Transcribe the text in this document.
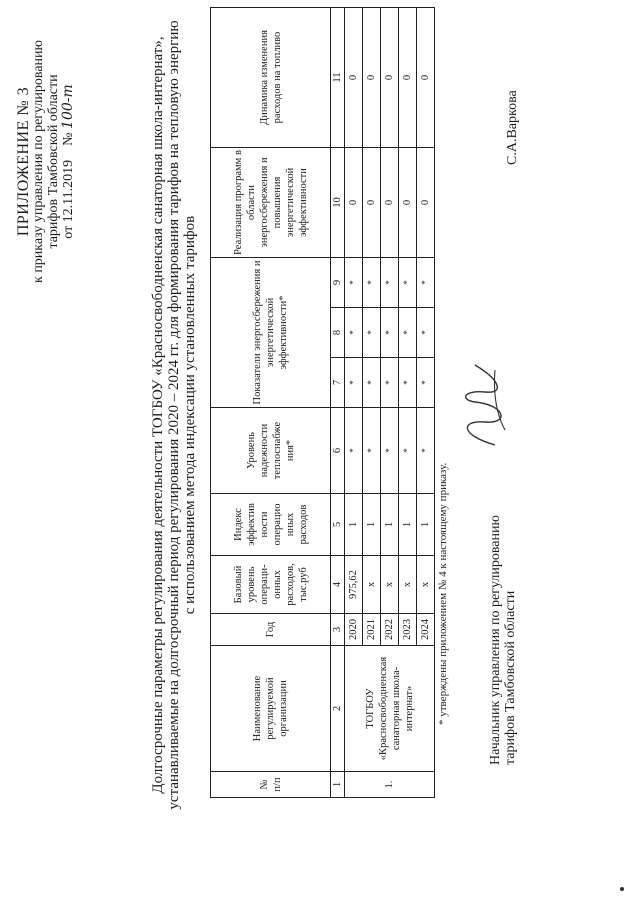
ПРИЛОЖЕНИЕ № 3 к приказу управления по регулированию тарифов Тамбовской области от 12.11.2019    № 100-т	Долгосрочные параметры регулирования деятельности ТОГБОУ «Красносвободненская санаторная школа-интернат», устанавливаемые на долгосрочный период регулирования 2020 – 2024 гг. для формирования тарифов на тепловую энергию с использованием метода индексации установленных тарифов
№ п/п	Наименование регулируемой организации	Год	Базовый уровень операци-онных расходов, тыс.руб	Индекс эффектив ности операцио нных расходов	Уровень надежности теплоснабже ния*	Показатели энергосбережения и энергетической эффективности*			Реализация программ в области энергосбережения и повышения энергетической эффективности	Динамика изменения расходов на топливо
1	2	3	4	5	6	7	8	9	10	11
1.	ТОГБОУ «Красносвободненская санаторная школа-интернат»	2020	975,62	1	*	*	*	*	0	0
		2021	х	1	*	*	*	*	0	0
		2022	х	1	*	*	*	*	0	0
		2023	х	1	*	*	*	*	0	0
		2024	х	1	*	*	*	*	0	0
* утверждены приложением № 4 к настоящему приказу.	Начальник управления по регулированию тарифов Тамбовской области
С.А.Варкова
